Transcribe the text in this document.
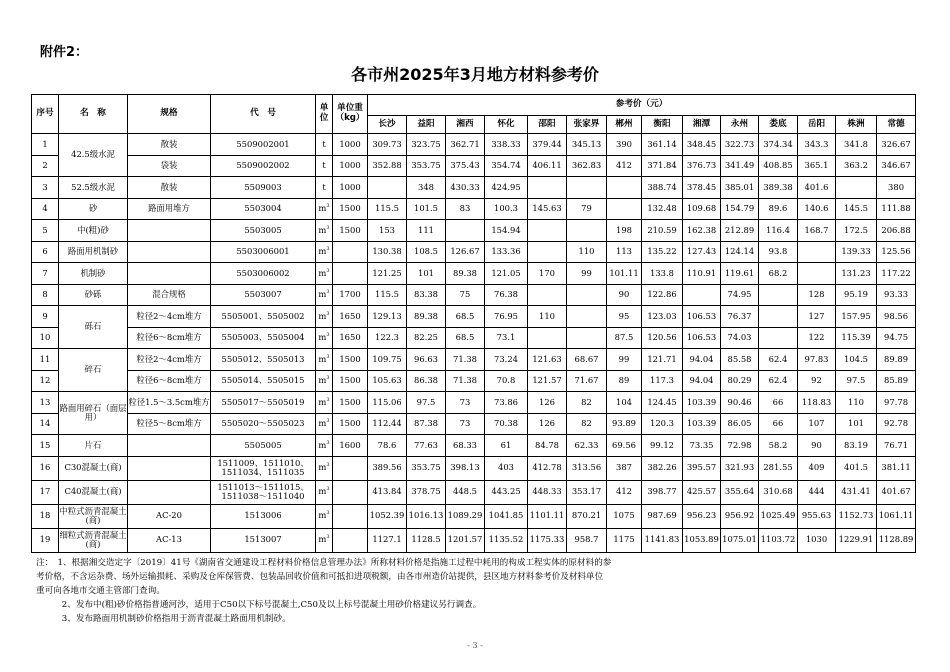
附件2：
各市州2025年3月地方材料参考价
序号	名　称	规格	代　号	单位	单位重（kg）	参考价（元）													
						长沙	益阳	湘西	怀化	邵阳	张家界	郴州	衡阳	湘潭	永州	娄底	岳阳	株洲	常德
1	42.5级水泥	散装	5509002001	t	1000	309.73	323.75	362.71	338.33	379.44	345.13	390	361.14	348.45	322.73	374.34	343.3	341.8	326.67
2		袋装	5509002002	t	1000	352.88	353.75	375.43	354.74	406.11	362.83	412	371.84	376.73	341.49	408.85	365.1	363.2	346.67
3	52.5级水泥	散装	5509003	t	1000		348	430.33	424.95				388.74	378.45	385.01	389.38	401.6		380
4	砂	路面用堆方	5503004	$m^3$	1500	115.5	101.5	83	100.3	145.63	79		132.48	109.68	154.79	89.6	140.6	145.5	111.88
5	中(粗)砂		5503005	$m^3$	1500	153	111		154.94			198	210.59	162.38	212.89	116.4	168.7	172.5	206.88
6	路面用机制砂		5503006001	$m^3$		130.38	108.5	126.67	133.36		110	113	135.22	127.43	124.14	93.8		139.33	125.56
7	机制砂		5503006002	$m^3$		121.25	101	89.38	121.05	170	99	101.11	133.8	110.91	119.61	68.2		131.23	117.22
8	砂砾	混合规格	5503007	$m^3$	1700	115.5	83.38	75	76.38			90	122.86		74.95		128	95.19	93.33
9	砾石	粒径2～4cm堆方	5505001、5505002	$m^3$	1650	129.13	89.38	68.5	76.95	110		95	123.03	106.53	76.37		127	157.95	98.56
10		粒径6～8cm堆方	5505003、5505004	$m^3$	1650	122.3	82.25	68.5	73.1			87.5	120.56	106.53	74.03		122	115.39	94.75
11	碎石	粒径2～4cm堆方	5505012、5505013	$m^3$	1500	109.75	96.63	71.38	73.24	121.63	68.67	99	121.71	94.04	85.58	62.4	97.83	104.5	89.89
12		粒径6～8cm堆方	5505014、5505015	$m^3$	1500	105.63	86.38	71.38	70.8	121.57	71.67	89	117.3	94.04	80.29	62.4	92	97.5	85.89
13	路面用碎石（面层用）	粒径1.5～3.5cm堆方	5505017～5505019	$m^3$	1500	115.06	97.5	73	73.86	126	82	104	124.45	103.39	90.46	66	118.83	110	97.78
14		粒径5～8cm堆方	5505020～5505023	$m^3$	1500	112.44	87.38	73	70.38	126	82	93.89	120.3	103.39	86.05	66	107	101	92.78
15	片石		5505005	$m^3$	1600	78.6	77.63	68.33	61	84.78	62.33	69.56	99.12	73.35	72.98	58.2	90	83.19	76.71
16	C30混凝土(商)		1511009、1511010、1511034、1511035	$m^3$		389.56	353.75	398.13	403	412.78	313.56	387	382.26	395.57	321.93	281.55	409	401.5	381.11
17	C40混凝土(商)		1511013～1511015、1511038～1511040	$m^3$		413.84	378.75	448.5	443.25	448.33	353.17	412	398.77	425.57	355.64	310.68	444	431.41	401.67
18	中粒式沥青混凝土(商)	AC-20	1513006	$m^3$		1052.39	1016.13	1089.29	1041.85	1101.11	870.21	1075	987.69	956.23	956.92	1025.49	955.63	1152.73	1061.11
19	细粒式沥青混凝土(商)	AC-13	1513007	$m^3$		1127.1	1128.5	1201.57	1135.52	1175.33	958.7	1175	1141.83	1053.89	1075.01	1103.72	1030	1229.91	1128.89
注：　1、根据湘交造定字〔2019〕41号《湖南省交通建设工程材料价格信息管理办法》所称材料价格是指施工过程中耗用的构成工程实体的原材料的参
考价格，不含运杂费、场外运输损耗、采购及仓库保管费、包装品回收价值和可抵扣进项税额，由各市州造价站提供，县区地方材料参考价及材料单位
重可向各地市交通主管部门查询。
　　　2、发布中(粗)砂价格指普通河沙，适用于C50以下标号混凝土,C50及以上标号混凝土用砂价格建议另行调查。
　　　3、发布路面用机制砂价格指用于沥青混凝土路面用机制砂。
- 3 -
